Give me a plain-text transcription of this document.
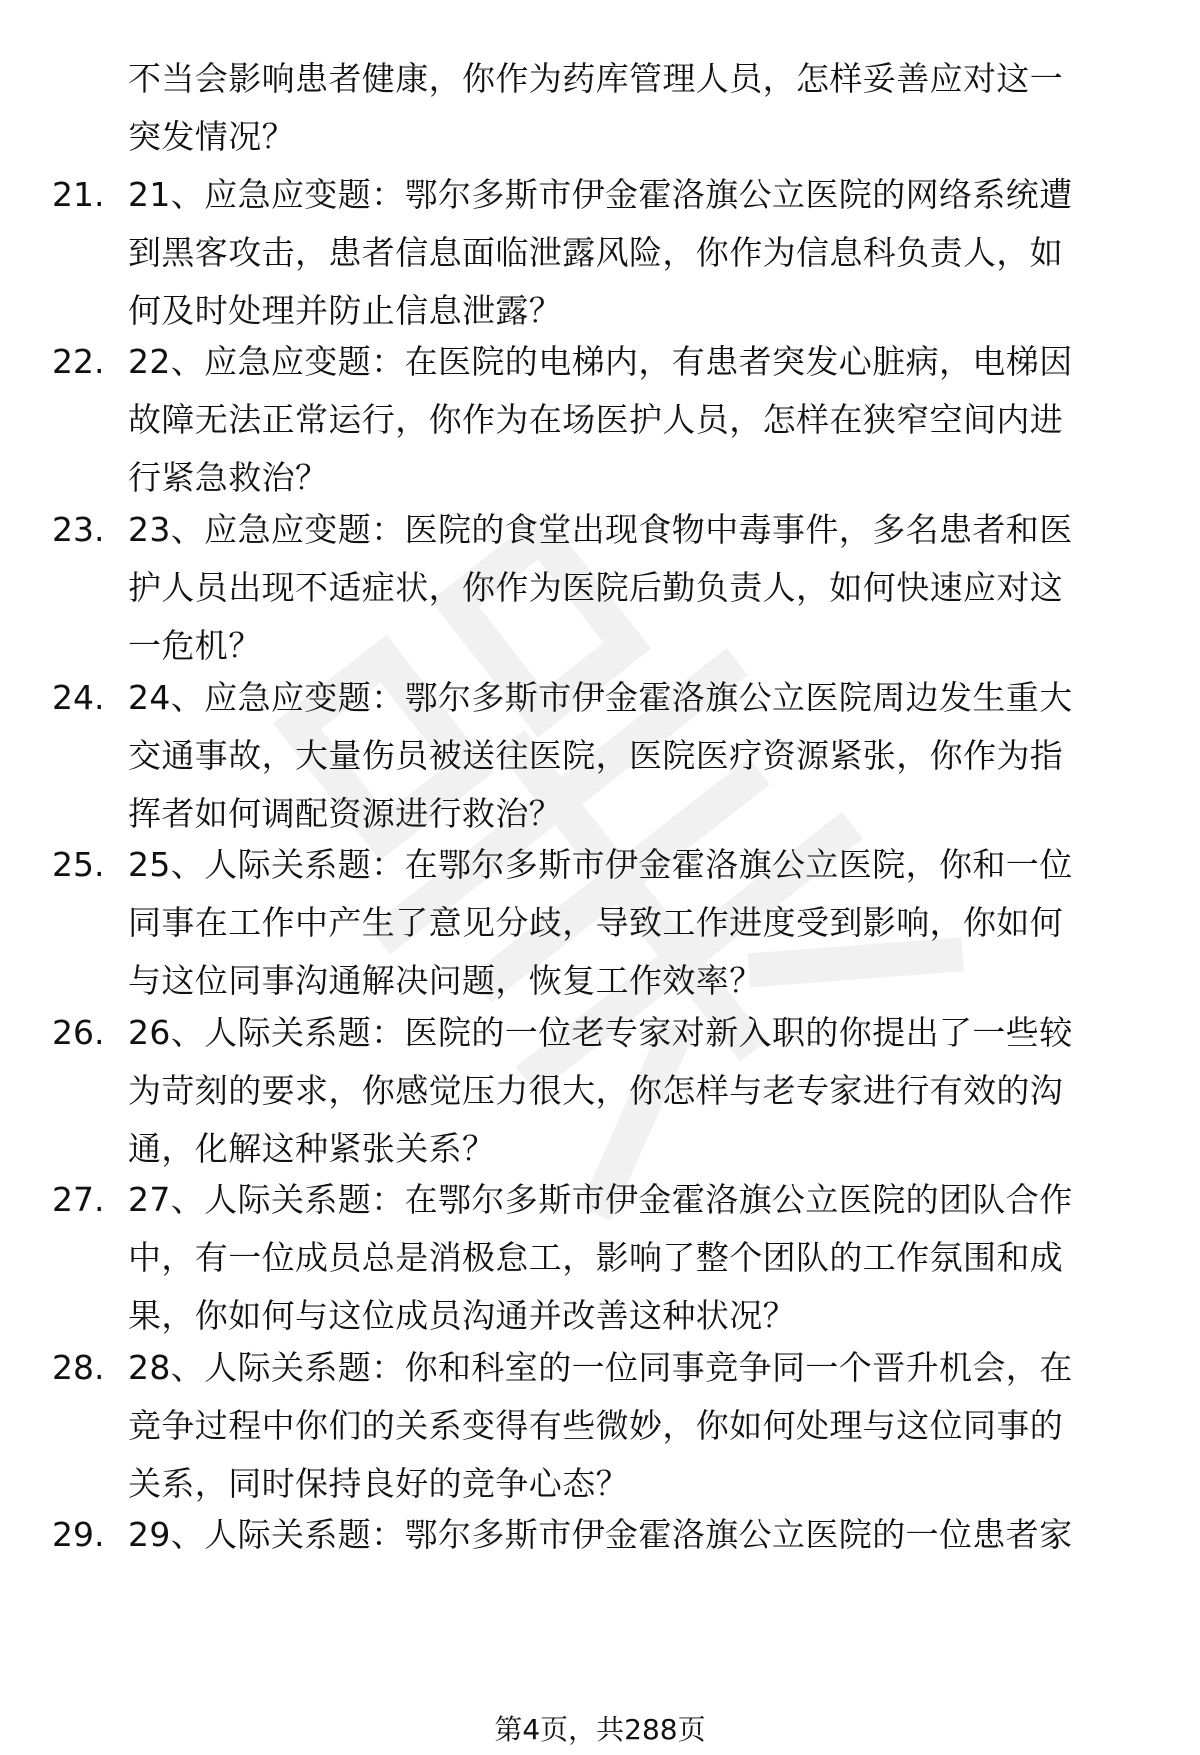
不当会影响患者健康，你作为药库管理人员，怎样妥善应对这一
突发情况？
21. 21、应急应变题：鄂尔多斯市伊金霍洛旗公立医院的网络系统遭
到黑客攻击，患者信息面临泄露风险，你作为信息科负责人，如
何及时处理并防止信息泄露？
22. 22、应急应变题：在医院的电梯内，有患者突发心脏病，电梯因
故障无法正常运行，你作为在场医护人员，怎样在狭窄空间内进
行紧急救治？
23. 23、应急应变题：医院的食堂出现食物中毒事件，多名患者和医
护人员出现不适症状，你作为医院后勤负责人，如何快速应对这
一危机？
24. 24、应急应变题：鄂尔多斯市伊金霍洛旗公立医院周边发生重大
交通事故，大量伤员被送往医院，医院医疗资源紧张，你作为指
挥者如何调配资源进行救治？
25. 25、人际关系题：在鄂尔多斯市伊金霍洛旗公立医院，你和一位
同事在工作中产生了意见分歧，导致工作进度受到影响，你如何
与这位同事沟通解决问题，恢复工作效率？
26. 26、人际关系题：医院的一位老专家对新入职的你提出了一些较
为苛刻的要求，你感觉压力很大，你怎样与老专家进行有效的沟
通，化解这种紧张关系？
27. 27、人际关系题：在鄂尔多斯市伊金霍洛旗公立医院的团队合作
中，有一位成员总是消极怠工，影响了整个团队的工作氛围和成
果，你如何与这位成员沟通并改善这种状况？
28. 28、人际关系题：你和科室的一位同事竞争同一个晋升机会，在
竞争过程中你们的关系变得有些微妙，你如何处理与这位同事的
关系，同时保持良好的竞争心态？
29. 29、人际关系题：鄂尔多斯市伊金霍洛旗公立医院的一位患者家
第4页，共288页
